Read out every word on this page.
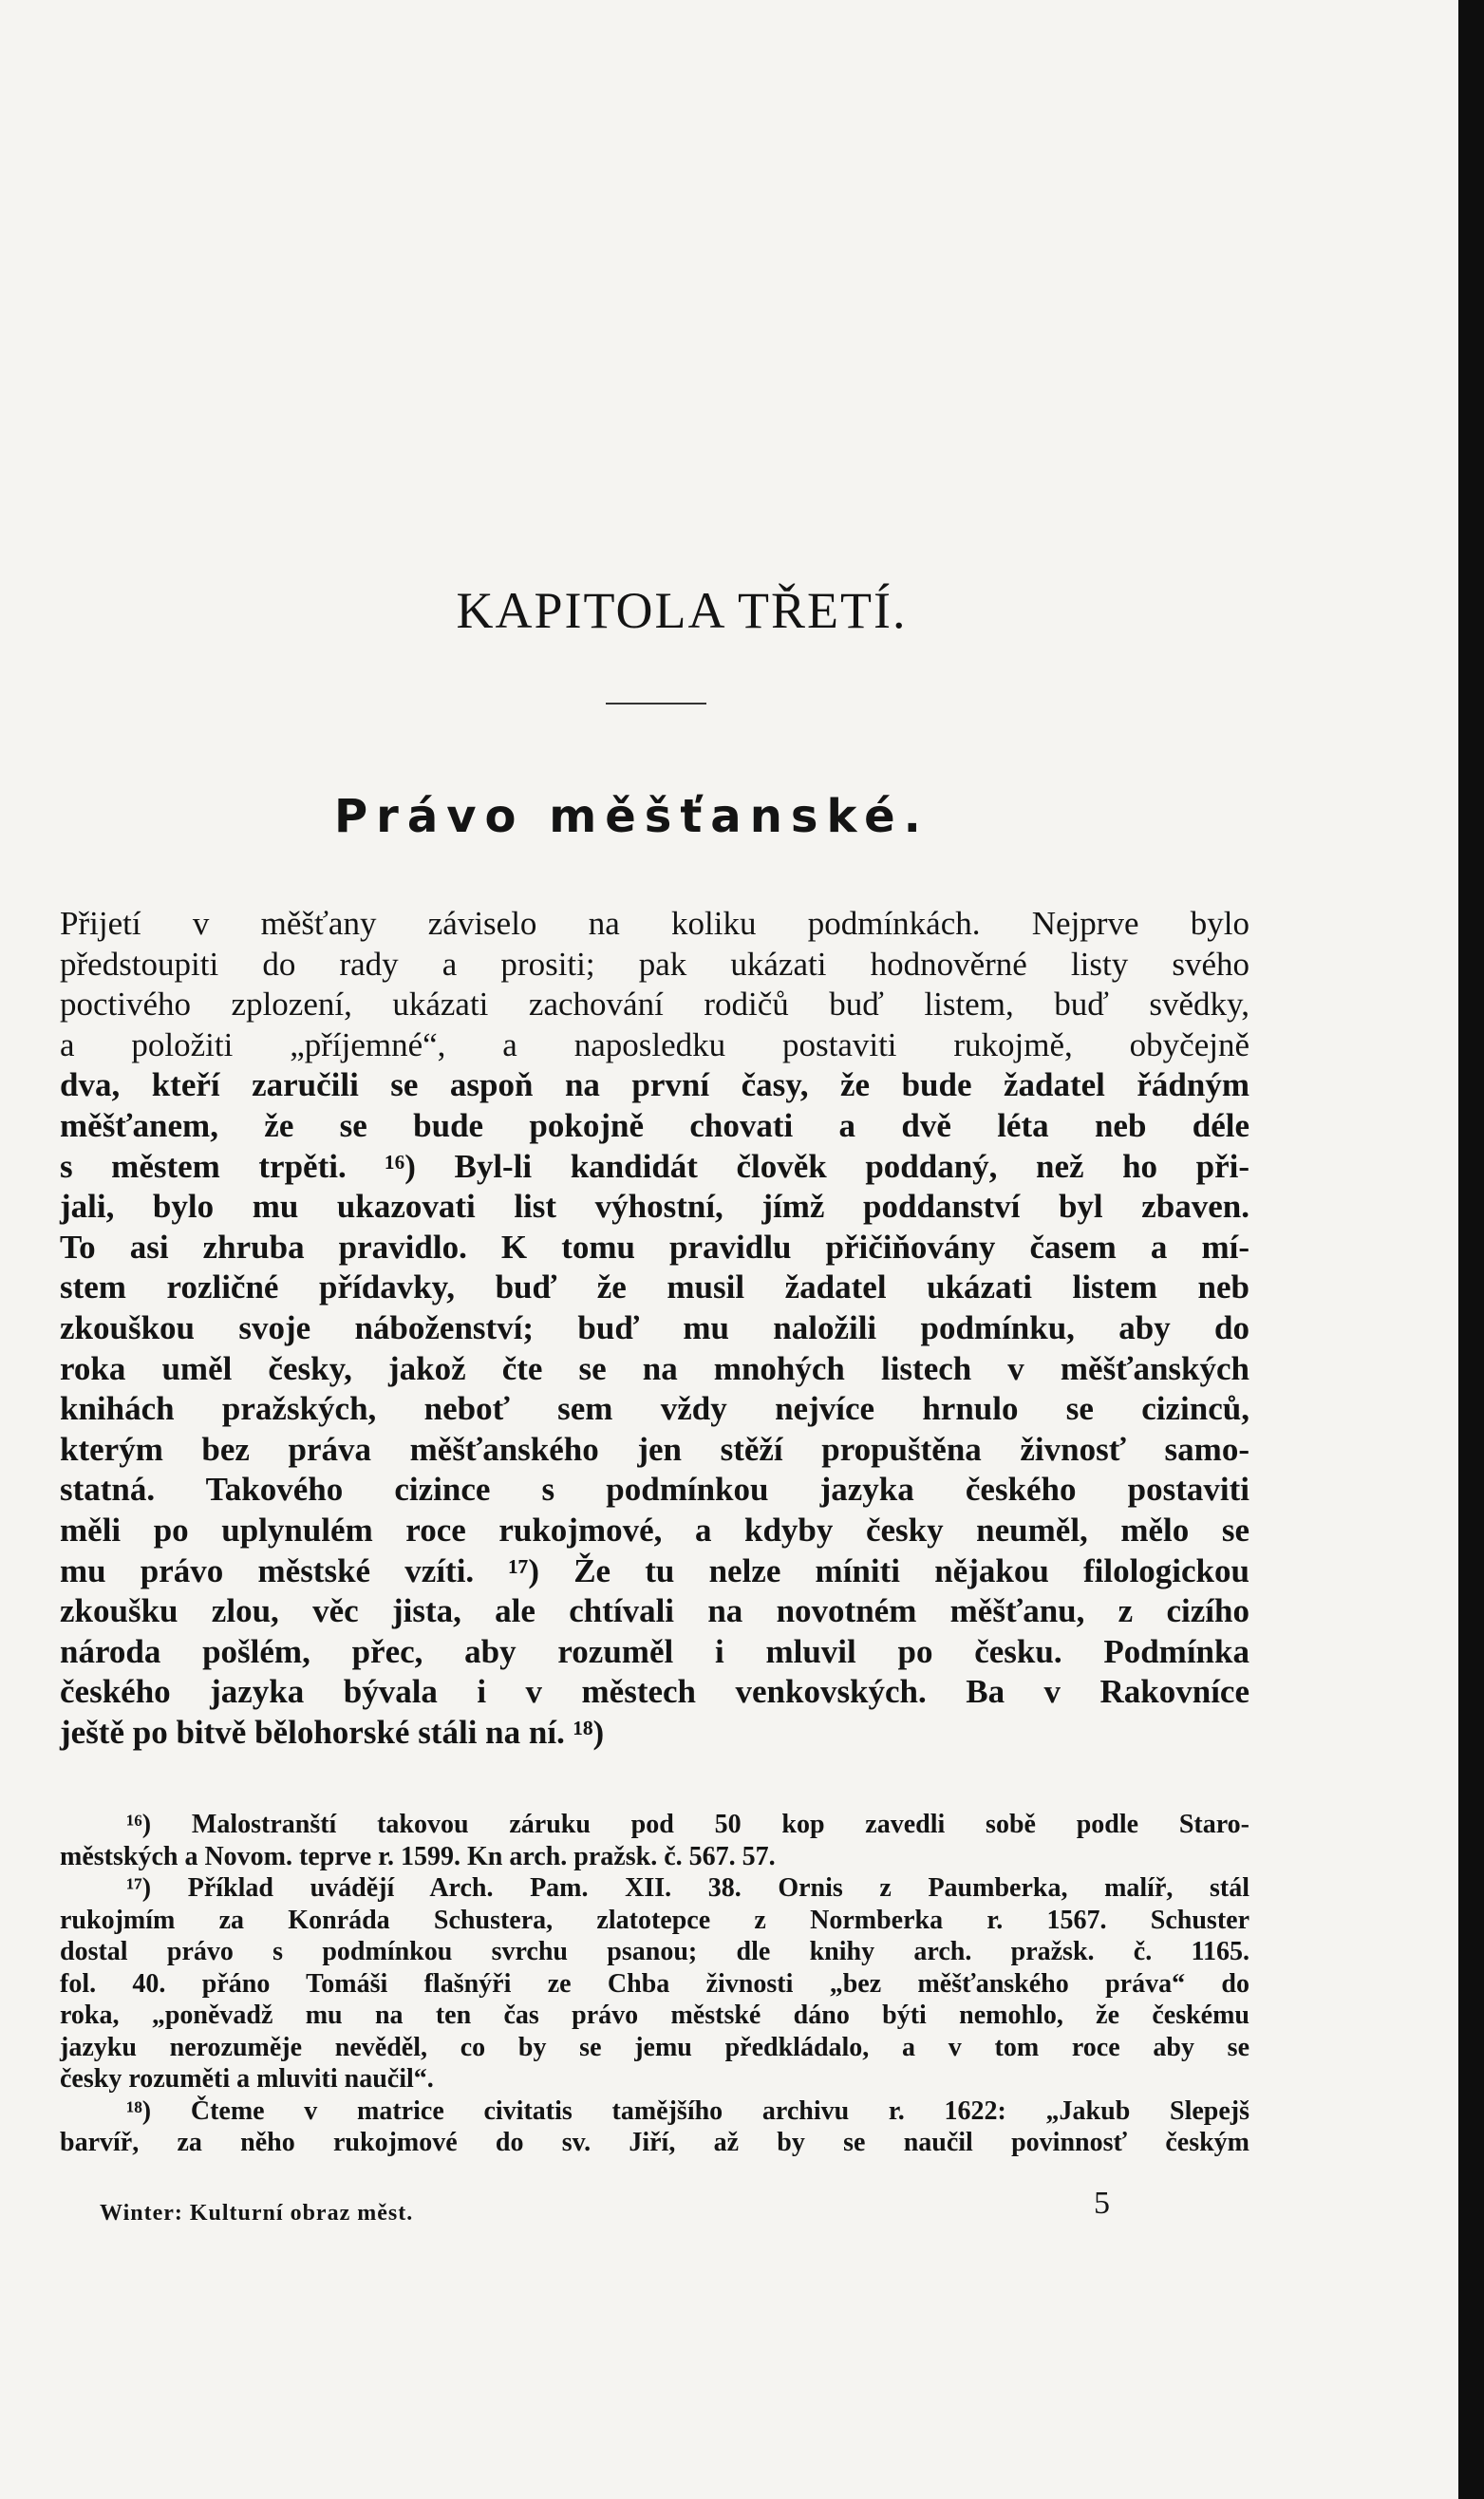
KAPITOLA TŘETÍ.
Právo měšťanské.
Přijetí v měšťany záviselo na koliku podmínkách. Nejprve bylo
předstoupiti do rady a prositi; pak ukázati hodnověrné listy svého
poctivého zplození, ukázati zachování rodičů buď listem, buď svědky,
a položiti „příjemné“, a naposledku postaviti rukojmě, obyčejně
dva, kteří zaručili se aspoň na první časy, že bude žadatel řádným
měšťanem, že se bude pokojně chovati a dvě léta neb déle
s městem trpěti. ¹⁶) Byl-li kandidát člověk poddaný, než ho při-
jali, bylo mu ukazovati list výhostní, jímž poddanství byl zbaven.
To asi zhruba pravidlo. K tomu pravidlu přičiňovány časem a mí-
stem rozličné přídavky, buď že musil žadatel ukázati listem neb
zkouškou svoje náboženství; buď mu naložili podmínku, aby do
roka uměl česky, jakož čte se na mnohých listech v měšťanských
knihách pražských, neboť sem vždy nejvíce hrnulo se cizinců,
kterým bez práva měšťanského jen stěží propuštěna živnosť samo-
statná. Takového cizince s podmínkou jazyka českého postaviti
měli po uplynulém roce rukojmové, a kdyby česky neuměl, mělo se
mu právo městské vzíti. ¹⁷) Že tu nelze míniti nějakou filologickou
zkoušku zlou, věc jista, ale chtívali na novotném měšťanu, z cizího
národa pošlém, přec, aby rozuměl i mluvil po česku. Podmínka
českého jazyka bývala i v městech venkovských. Ba v Rakovníce
ještě po bitvě bělohorské stáli na ní. ¹⁸)
¹⁶) Malostranští takovou záruku pod 50 kop zavedli sobě podle Staro-
městských a Novom. teprve r. 1599. Kn arch. pražsk. č. 567. 57.
¹⁷) Příklad uvádějí Arch. Pam. XII. 38. Ornis z Paumberka, malíř, stál
rukojmím za Konráda Schustera, zlatotepce z Normberka r. 1567. Schuster
dostal právo s podmínkou svrchu psanou; dle knihy arch. pražsk. č. 1165.
fol. 40. přáno Tomáši flašnýři ze Chba živnosti „bez měšťanského práva“ do
roka, „poněvadž mu na ten čas právo městské dáno býti nemohlo, že českému
jazyku nerozuměje nevěděl, co by se jemu předkládalo, a v tom roce aby se
česky rozuměti a mluviti naučil“.
¹⁸) Čteme v matrice civitatis tamějšího archivu r. 1622: „Jakub Slepejš
barvíř, za něho rukojmové do sv. Jiří, až by se naučil povinnosť českým
Winter: Kulturní obraz měst.	5
